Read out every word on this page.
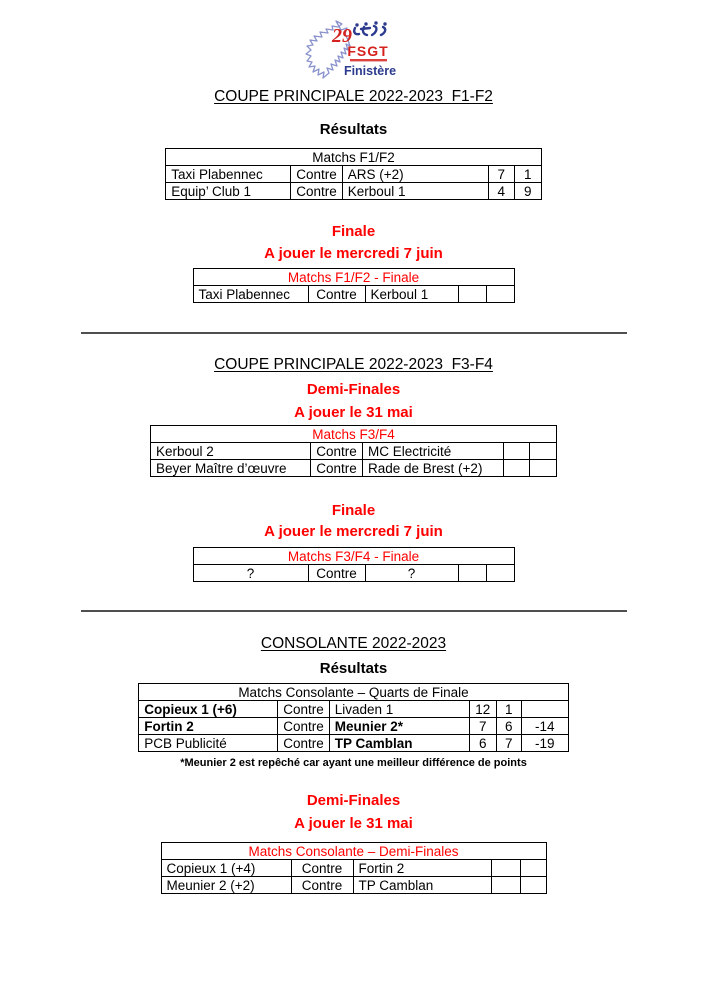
29
FSGT
Finistère
COUPE PRINCIPALE 2022-2023  F1-F2
Résultats
Matchs F1/F2				
Taxi Plabennec	Contre	ARS (+2)	7	1
Equip’ Club 1	Contre	Kerboul 1	4	9
Finale
A jouer le mercredi 7 juin
Matchs F1/F2 - Finale
Taxi Plabennec	Contre	Kerboul 1		
COUPE PRINCIPALE 2022-2023  F3-F4
Demi-Finales
A jouer le 31 mai
Matchs F3/F4				
Kerboul 2	Contre	MC Electricité		
Beyer Maître d’œuvre	Contre	Rade de Brest (+2)		
Finale
A jouer le mercredi 7 juin
Matchs F3/F4 - Finale
?	Contre	?		
CONSOLANTE 2022-2023
Résultats
Matchs Consolante – Quarts de Finale					
Copieux 1 (+6)	Contre	Livaden 1	12	1	
Fortin 2	Contre	Meunier 2*	7	6	-14
PCB Publicité	Contre	TP Camblan	6	7	-19
*Meunier 2 est repêché car ayant une meilleur différence de points
Demi-Finales
A jouer le 31 mai
Matchs Consolante – Demi-Finales				
Copieux 1 (+4)	Contre	Fortin 2		
Meunier 2 (+2)	Contre	TP Camblan		
